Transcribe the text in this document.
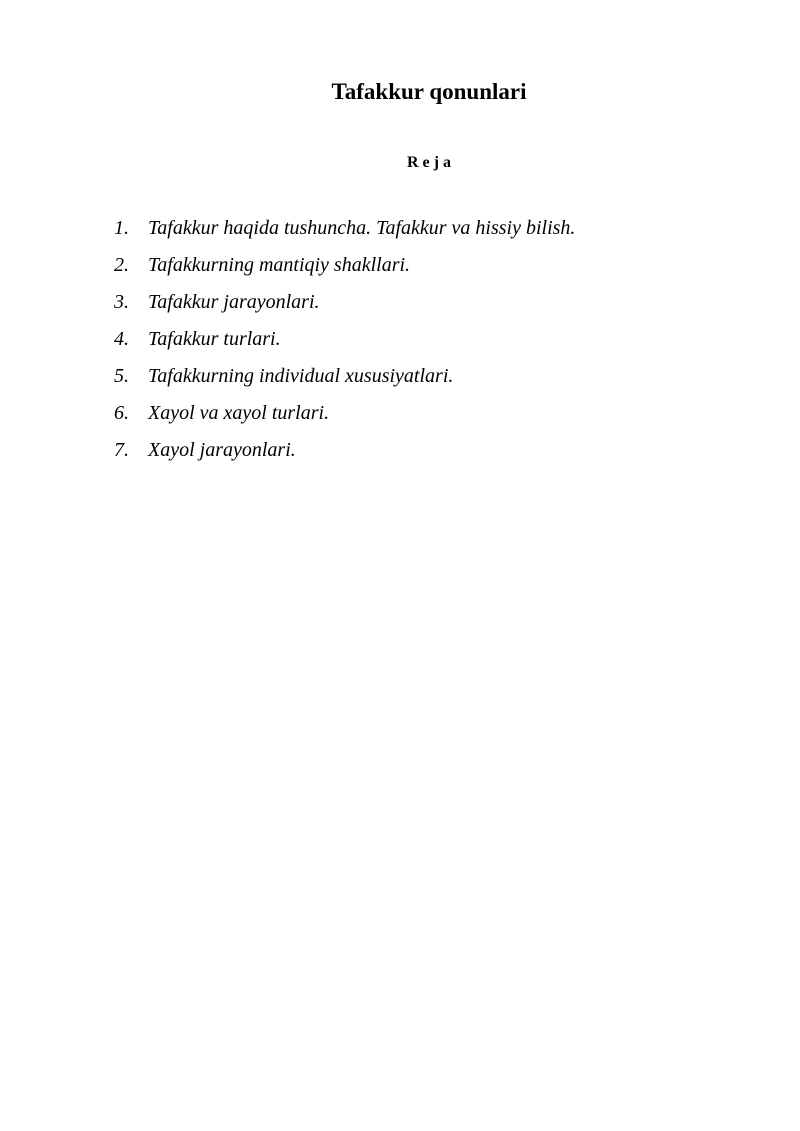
Tafakkur qonunlari
R e j a
1. Tafakkur haqida tushuncha. Tafakkur va hissiy bilish.
2. Tafakkurning mantiqiy shakllari.
3. Tafakkur jarayonlari.
4. Tafakkur turlari.
5. Tafakkurning individual xususiyatlari.
6. Xayol va xayol turlari.
7. Xayol jarayonlari.
